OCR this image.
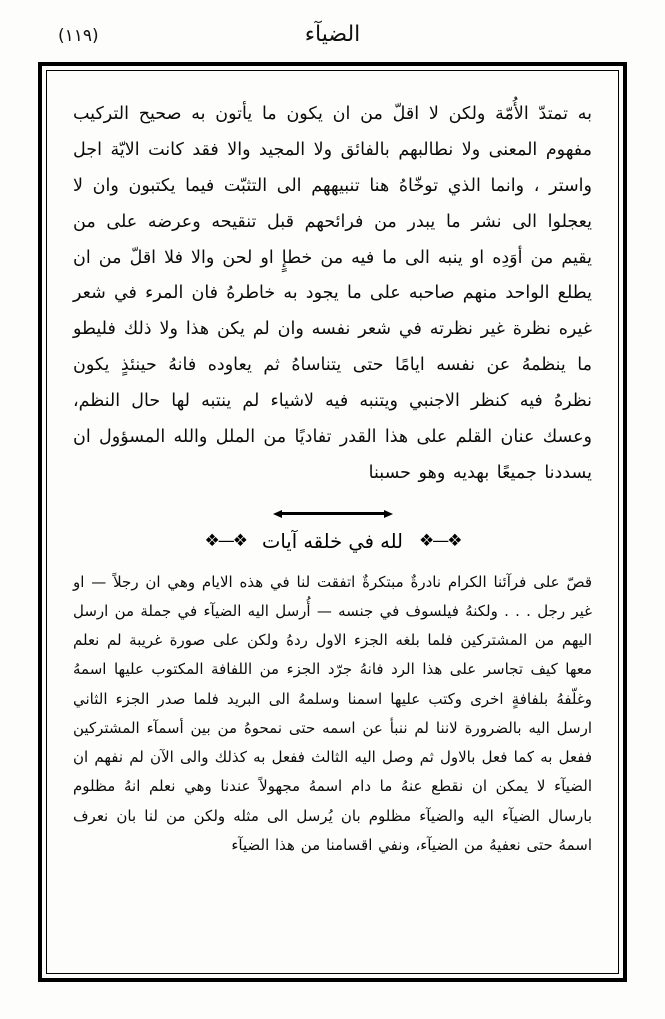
(١١٩)	الضيآء

به تمتدّ الأُمّة ولكن لا اقلّ من ان يكون ما يأتون به صحيح التركيب مفهوم المعنى ولا نطالبهم بالفائق ولا المجيد والا فقد كانت الايّة اجل واستر ، وانما الذي توخّاهُ هنا تنبيههم الى التثبّت فيما يكتبون وان لا يعجلوا الى نشر ما يبدر من فرائحهم قبل تنقيحه وعرضه على من يقيم من أوَدِه او ينبه الى ما فيه من خطإٍ او لحن والا فلا اقلّ من ان يطلع الواحد منهم صاحبه على ما يجود به خاطرهُ فان المرء في شعر غيره نظرة غير نظرته في شعر نفسه وان لم يكن هذا ولا ذلك فليطو ما ينظمهُ عن نفسه ايامًا حتى يتناساهُ ثم يعاوده فانهُ حينئذٍ يكون نظرهُ فيه كنظر الاجنبي ويتنبه فيه لاشياء لم ينتبه لها حال النظم، وعسك عنان القلم على هذا القدر تفاديًا من الملل والله المسؤول ان يسددنا جميعًا بهديه وهو حسبنا

❖—❖ لله في خلقه آيات ❖—❖

قصّ على فرآئنا الكرام نادرةٌ مبتكرةٌ اتفقت لنا في هذه الايام وهي ان رجلاً — او غير رجل . . . ولكنهُ فيلسوف في جنسه — أُرسل اليه الضيآء في جملة من ارسل اليهم من المشتركين فلما بلغه الجزء الاول ردهُ ولكن على صورة غريبة لم نعلم معها كيف تجاسر على هذا الرد فانهُ جرّد الجزء من اللفافة المكتوب عليها اسمهُ وغلّفهُ بلفافةٍ اخرى وكتب عليها اسمنا وسلمهُ الى البريد فلما صدر الجزء الثاني ارسل اليه بالضرورة لاننا لم ننبأ عن اسمه حتى نمحوهُ من بين أسمآء المشتركين ففعل به كما فعل بالاول ثم وصل اليه الثالث ففعل به كذلك والى الآن لم نفهم ان الضيآء لا يمكن ان نقطع عنهُ ما دام اسمهُ مجهولاً عندنا وهي نعلم انهُ مظلوم بارسال الضيآء اليه والضيآء مظلوم بان يُرسل الى مثله ولكن من لنا بان نعرف اسمهُ حتى نعفيهُ من الضيآء، ونفي اقسامنا من هذا الضيآء
